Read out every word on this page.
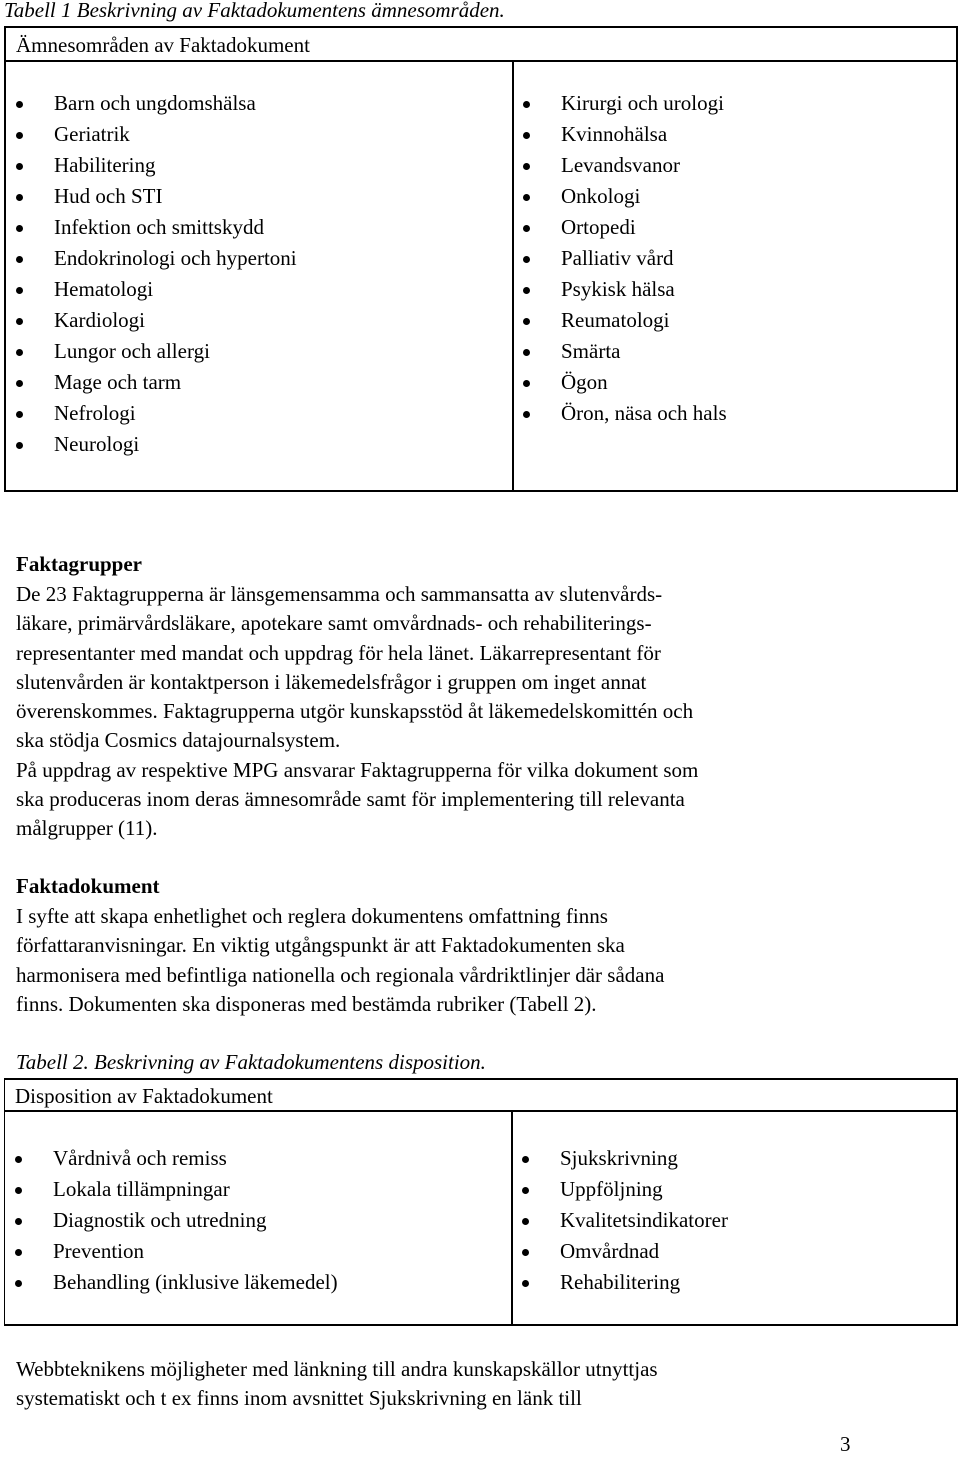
Tabell 1 Beskrivning av Faktadokumentens ämnesområden.
Ämnesområden av Faktadokument
Barn och ungdomshälsa
Geriatrik
Habilitering
Hud och STI
Infektion och smittskydd
Endokrinologi och hypertoni
Hematologi
Kardiologi
Lungor och allergi
Mage och tarm
Nefrologi
Neurologi
Kirurgi och urologi
Kvinnohälsa
Levandsvanor
Onkologi
Ortopedi
Palliativ vård
Psykisk hälsa
Reumatologi
Smärta
Ögon
Öron, näsa och hals
Faktagrupper
De 23 Faktagrupperna är länsgemensamma och sammansatta av slutenvårds-
läkare, primärvårdsläkare, apotekare samt omvårdnads- och rehabiliterings-
representanter med mandat och uppdrag för hela länet. Läkarrepresentant för
slutenvården är kontaktperson i läkemedelsfrågor i gruppen om inget annat
överenskommes. Faktagrupperna utgör kunskapsstöd åt läkemedelskomittén och
ska stödja Cosmics datajournalsystem.
På uppdrag av respektive MPG ansvarar Faktagrupperna för vilka dokument som
ska produceras inom deras ämnesområde samt för implementering till relevanta
målgrupper (11).
Faktadokument
I syfte att skapa enhetlighet och reglera dokumentens omfattning finns
författaranvisningar. En viktig utgångspunkt är att Faktadokumenten ska
harmonisera med befintliga nationella och regionala vårdriktlinjer där sådana
finns. Dokumenten ska disponeras med bestämda rubriker (Tabell 2).
Tabell 2. Beskrivning av Faktadokumentens disposition.
Disposition av Faktadokument
Vårdnivå och remiss
Lokala tillämpningar
Diagnostik och utredning
Prevention
Behandling (inklusive läkemedel)
Sjukskrivning
Uppföljning
Kvalitetsindikatorer
Omvårdnad
Rehabilitering
Webbteknikens möjligheter med länkning till andra kunskapskällor utnyttjas
systematiskt och t ex finns inom avsnittet Sjukskrivning en länk till
3
